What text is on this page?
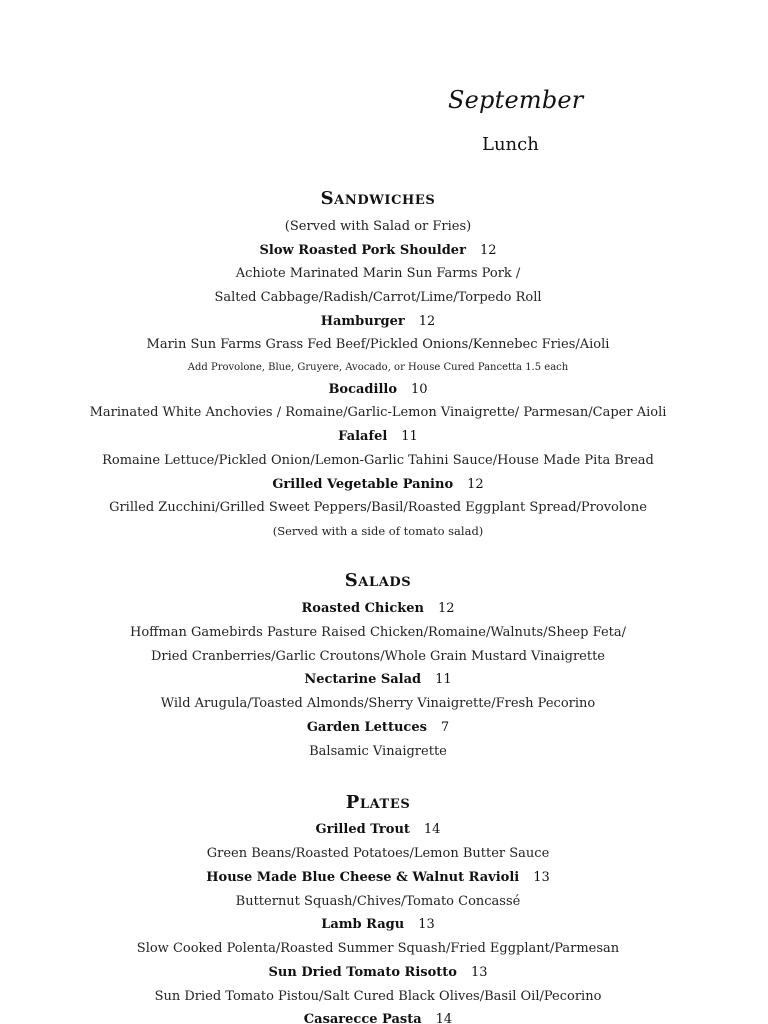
September
Lunch
Sandwiches
(Served with Salad or Fries)
Slow Roasted Pork Shoulder 12
Achiote Marinated Marin Sun Farms Pork /
Salted Cabbage/Radish/Carrot/Lime/Torpedo Roll
Hamburger 12
Marin Sun Farms Grass Fed Beef/Pickled Onions/Kennebec Fries/Aioli
Add Provolone, Blue, Gruyere, Avocado, or House Cured Pancetta 1.5 each
Bocadillo 10
Marinated White Anchovies / Romaine/Garlic-Lemon Vinaigrette/ Parmesan/Caper Aioli
Falafel 11
Romaine Lettuce/Pickled Onion/Lemon-Garlic Tahini Sauce/House Made Pita Bread
Grilled Vegetable Panino 12
Grilled Zucchini/Grilled Sweet Peppers/Basil/Roasted Eggplant Spread/Provolone
(Served with a side of tomato salad)
Salads
Roasted Chicken 12
Hoffman Gamebirds Pasture Raised Chicken/Romaine/Walnuts/Sheep Feta/
Dried Cranberries/Garlic Croutons/Whole Grain Mustard Vinaigrette
Nectarine Salad 11
Wild Arugula/Toasted Almonds/Sherry Vinaigrette/Fresh Pecorino
Garden Lettuces 7
Balsamic Vinaigrette
Plates
Grilled Trout 14
Green Beans/Roasted Potatoes/Lemon Butter Sauce
House Made Blue Cheese & Walnut Ravioli 13
Butternut Squash/Chives/Tomato Concassé
Lamb Ragu 13
Slow Cooked Polenta/Roasted Summer Squash/Fried Eggplant/Parmesan
Sun Dried Tomato Risotto 13
Sun Dried Tomato Pistou/Salt Cured Black Olives/Basil Oil/Pecorino
Casarecce Pasta 14
